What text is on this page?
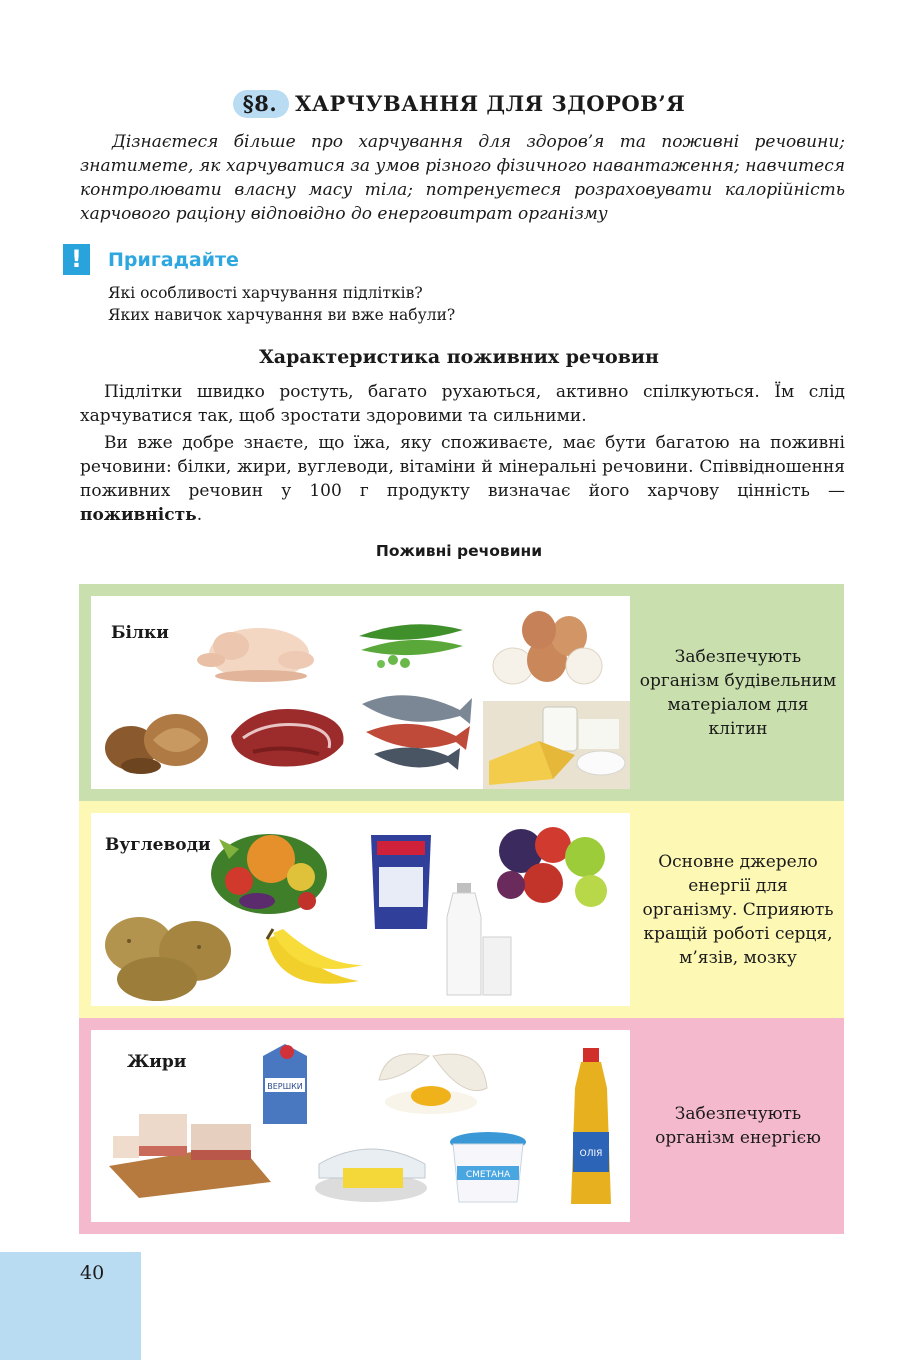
§8. ХАРЧУВАННЯ ДЛЯ ЗДОРОВ’Я
Дізнаєтеся більше про харчування для здоров’я та поживні речовини; знатимете, як харчуватися за умов різного фізичного навантаження; навчитеся контролювати власну масу тіла; потренуєтеся розраховувати калорійність харчового раціону відповідно до енерговитрат організму
!	Пригадайте
Які особливості харчування підлітків?
Яких навичок харчування ви вже набули?
Характеристика поживних речовин
Підлітки швидко ростуть, багато рухаються, активно спілкуються. Їм слід харчуватися так, щоб зростати здоровими та сильними.
Ви вже добре знаєте, що їжа, яку споживаєте, має бути багатою на поживні речовини: білки, жири, вуглеводи, вітаміни й мінеральні речовини. Співвідношення поживних речовин у 100 г продукту визначає його харчову цінність — поживність.
Поживні речовини
Білки
Забезпечують організм будівельним матеріалом для клітин
Вуглеводи
Основне джерело енергії для організму. Сприяють кращій роботі серця, м’язів, мозку
Жири
ВЕРШКИ
СМЕТАНА
ОЛІЯ
Забезпечують організм енергією
40
